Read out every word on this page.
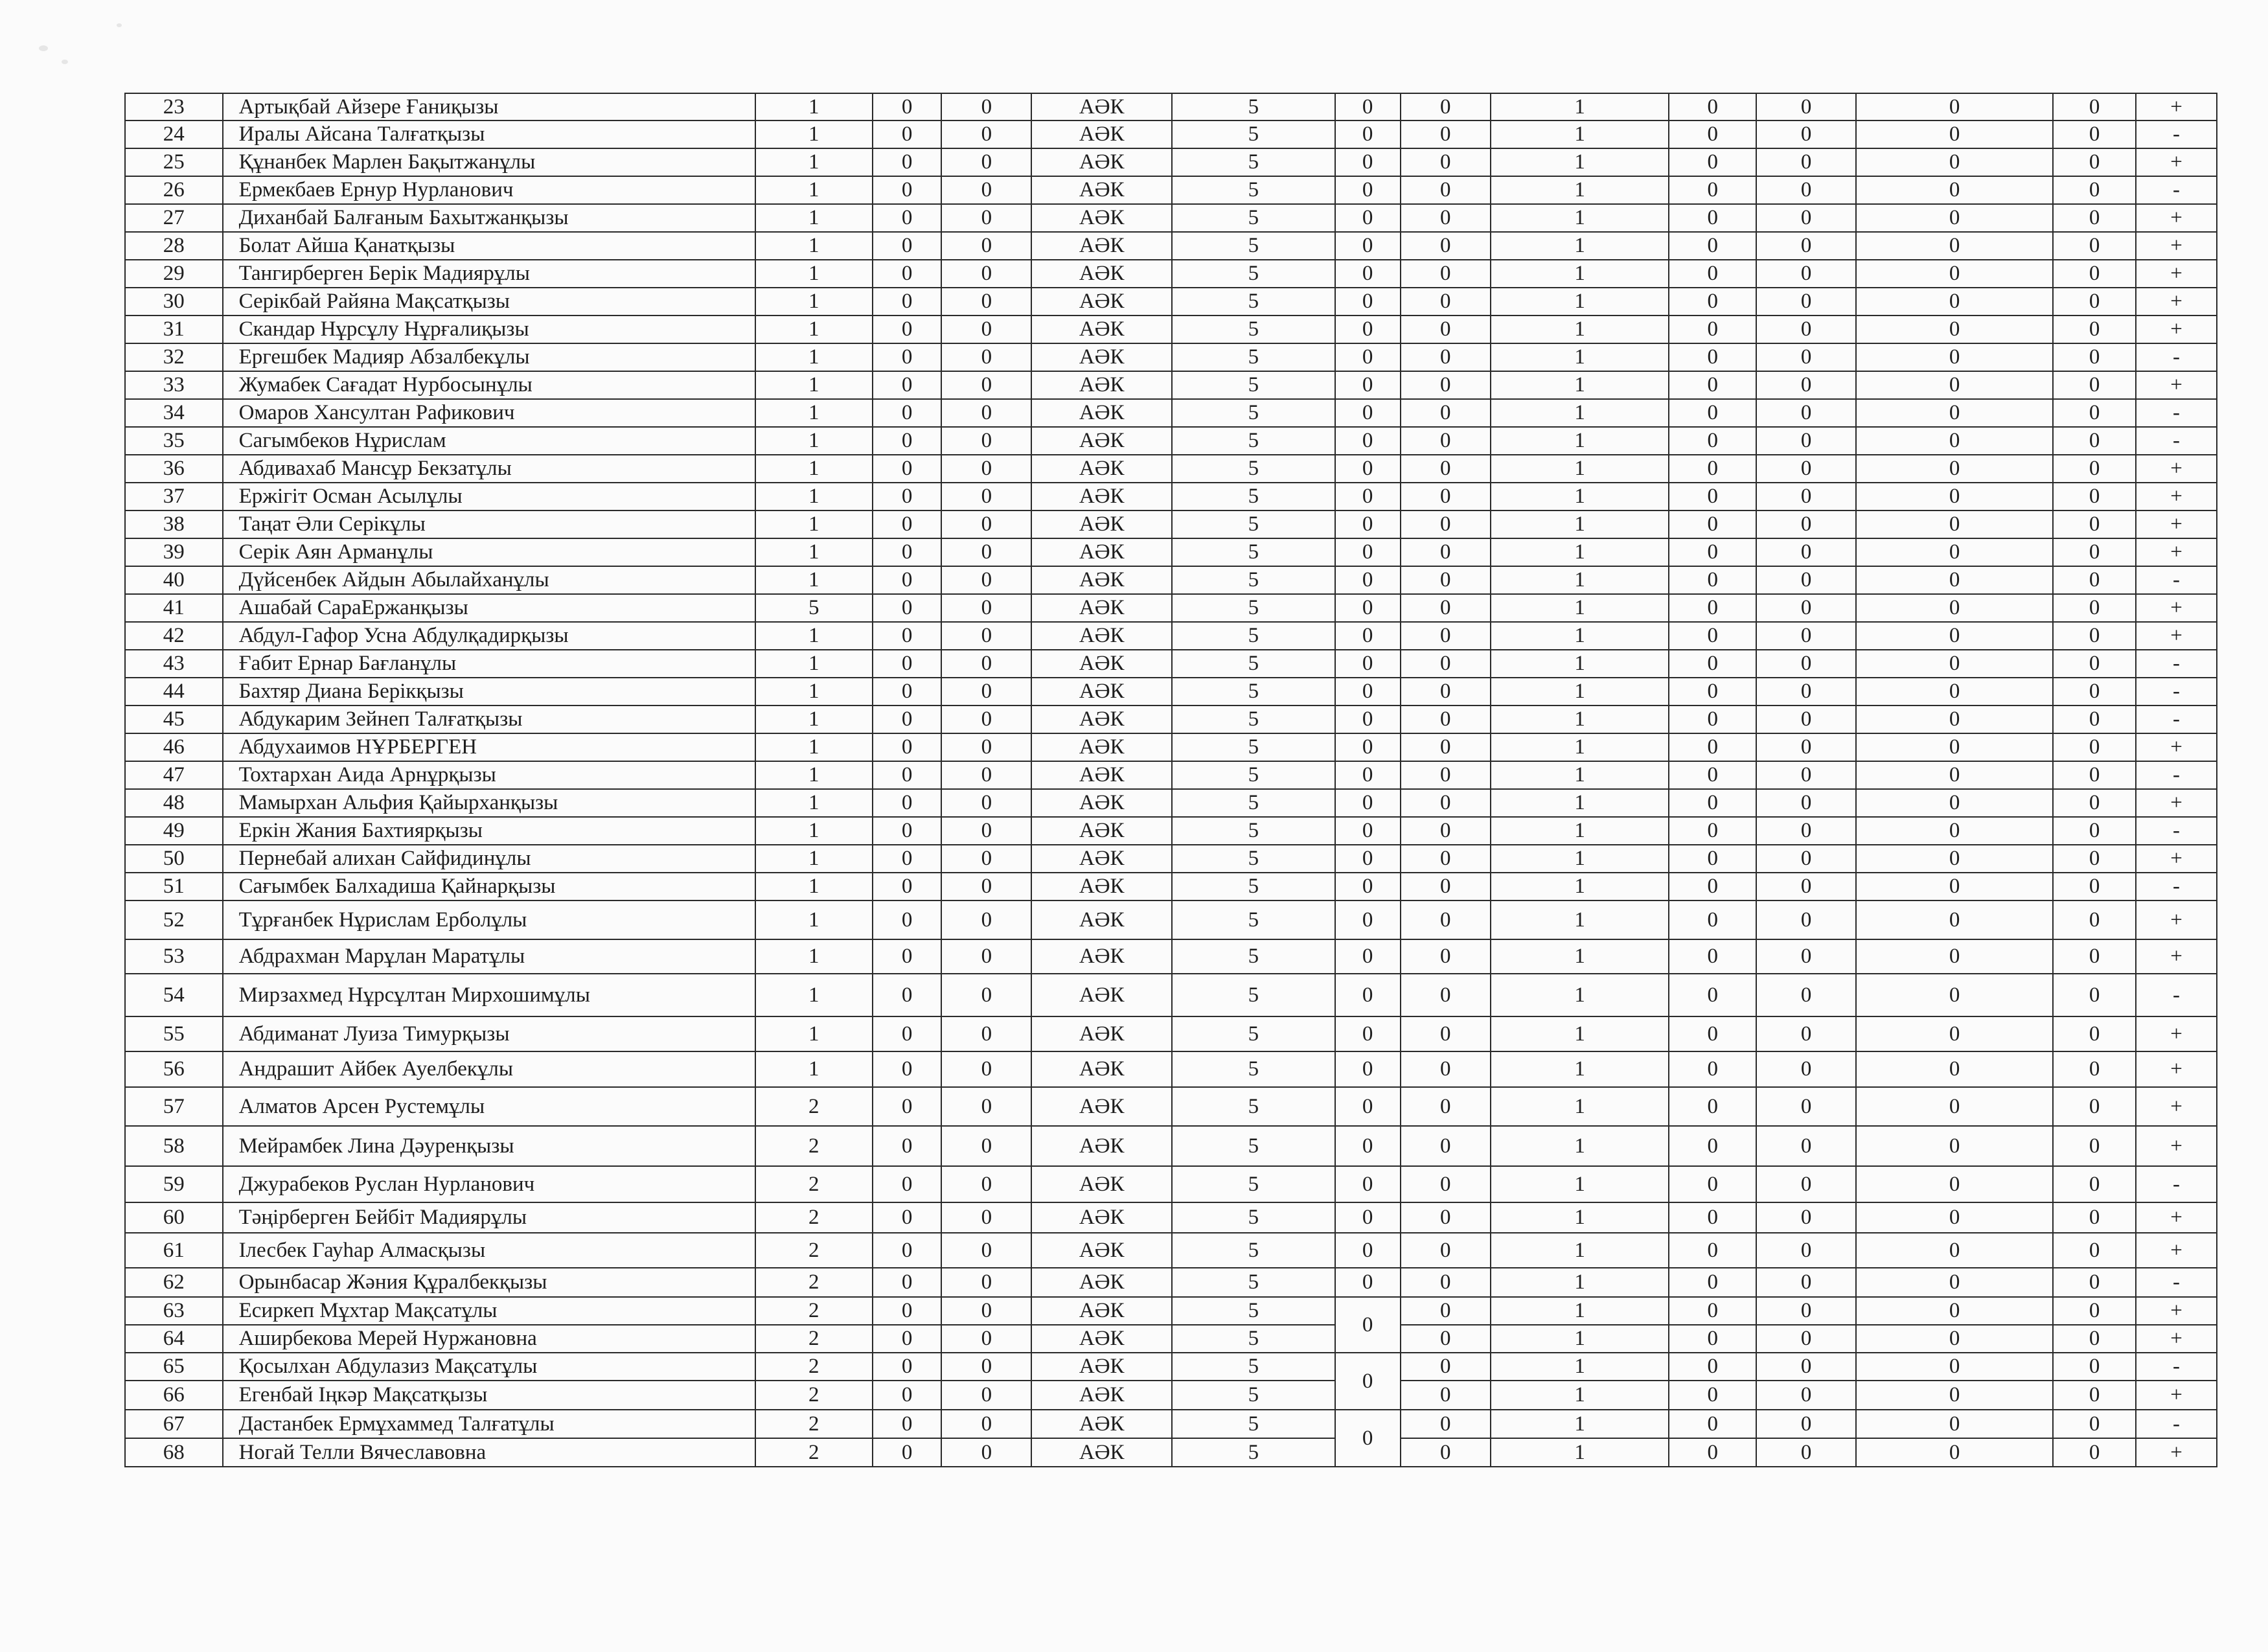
23	Артықбай Айзере Ғаниқызы	1	0	0	АӘК	5	0	0	1	0	0	0	0	+
24	Иралы Айсана Талғатқызы	1	0	0	АӘК	5	0	0	1	0	0	0	0	-
25	Құнанбек Марлен Бақытжанұлы	1	0	0	АӘК	5	0	0	1	0	0	0	0	+
26	Ермекбаев Ернур Нурланович	1	0	0	АӘК	5	0	0	1	0	0	0	0	-
27	Диханбай Балғаным Бахытжанқызы	1	0	0	АӘК	5	0	0	1	0	0	0	0	+
28	Болат Айша Қанатқызы	1	0	0	АӘК	5	0	0	1	0	0	0	0	+
29	Тангирберген Берік Мадиярұлы	1	0	0	АӘК	5	0	0	1	0	0	0	0	+
30	Серікбай Райяна Мақсатқызы	1	0	0	АӘК	5	0	0	1	0	0	0	0	+
31	Скандар Нұрсұлу Нұрғалиқызы	1	0	0	АӘК	5	0	0	1	0	0	0	0	+
32	Ергешбек Мадияр Абзалбекұлы	1	0	0	АӘК	5	0	0	1	0	0	0	0	-
33	Жумабек Сағадат Нурбосынұлы	1	0	0	АӘК	5	0	0	1	0	0	0	0	+
34	Омаров Хансултан Рафикович	1	0	0	АӘК	5	0	0	1	0	0	0	0	-
35	Сагымбеков Нұрислам	1	0	0	АӘК	5	0	0	1	0	0	0	0	-
36	Абдивахаб Мансұр Бекзатұлы	1	0	0	АӘК	5	0	0	1	0	0	0	0	+
37	Ержігіт Осман Асылұлы	1	0	0	АӘК	5	0	0	1	0	0	0	0	+
38	Таңат Әли Серікұлы	1	0	0	АӘК	5	0	0	1	0	0	0	0	+
39	Серік Аян Арманұлы	1	0	0	АӘК	5	0	0	1	0	0	0	0	+
40	Дүйсенбек Айдын Абылайханұлы	1	0	0	АӘК	5	0	0	1	0	0	0	0	-
41	Ашабай СараЕржанқызы	5	0	0	АӘК	5	0	0	1	0	0	0	0	+
42	Абдул-Гафор Усна Абдулқадирқызы	1	0	0	АӘК	5	0	0	1	0	0	0	0	+
43	Ғабит Ернар Бағланұлы	1	0	0	АӘК	5	0	0	1	0	0	0	0	-
44	Бахтяр Диана Берікқызы	1	0	0	АӘК	5	0	0	1	0	0	0	0	-
45	Абдукарим Зейнеп Талғатқызы	1	0	0	АӘК	5	0	0	1	0	0	0	0	-
46	Абдухаимов НҰРБЕРГЕН	1	0	0	АӘК	5	0	0	1	0	0	0	0	+
47	Тохтархан Аида Арнұрқызы	1	0	0	АӘК	5	0	0	1	0	0	0	0	-
48	Мамырхан Альфия Қайырханқызы	1	0	0	АӘК	5	0	0	1	0	0	0	0	+
49	Еркін Жания Бахтиярқызы	1	0	0	АӘК	5	0	0	1	0	0	0	0	-
50	Пернебай алихан Сайфидинұлы	1	0	0	АӘК	5	0	0	1	0	0	0	0	+
51	Сағымбек Балхадиша Қайнарқызы	1	0	0	АӘК	5	0	0	1	0	0	0	0	-
52	Тұрғанбек Нұрислам Ерболұлы	1	0	0	АӘК	5	0	0	1	0	0	0	0	+
53	Абдрахман Марұлан Маратұлы	1	0	0	АӘК	5	0	0	1	0	0	0	0	+
54	Мирзахмед Нұрсұлтан Мирхошимұлы	1	0	0	АӘК	5	0	0	1	0	0	0	0	-
55	Абдиманат Луиза Тимурқызы	1	0	0	АӘК	5	0	0	1	0	0	0	0	+
56	Андрашит Айбек Ауелбекұлы	1	0	0	АӘК	5	0	0	1	0	0	0	0	+
57	Алматов Арсен Рустемұлы	2	0	0	АӘК	5	0	0	1	0	0	0	0	+
58	Мейрамбек Лина Дәуренқызы	2	0	0	АӘК	5	0	0	1	0	0	0	0	+
59	Джурабеков Руслан Нурланович	2	0	0	АӘК	5	0	0	1	0	0	0	0	-
60	Тәңірберген Бейбіт Мадиярұлы	2	0	0	АӘК	5	0	0	1	0	0	0	0	+
61	Ілесбек Гауһар Алмасқызы	2	0	0	АӘК	5	0	0	1	0	0	0	0	+
62	Орынбасар Жәния Құралбекқызы	2	0	0	АӘК	5	0	0	1	0	0	0	0	-
63	Есиркеп Мұхтар Мақсатұлы	2	0	0	АӘК	5	0	0	1	0	0	0	0	+
64	Аширбекова Мерей Нуржановна	2	0	0	АӘК	5		0	1	0	0	0	0	+
65	Қосылхан Абдулазиз Мақсатұлы	2	0	0	АӘК	5	0	0	1	0	0	0	0	-
66	Егенбай Іңкәр Мақсатқызы	2	0	0	АӘК	5		0	1	0	0	0	0	+
67	Дастанбек Ермұхаммед Талғатұлы	2	0	0	АӘК	5	0	0	1	0	0	0	0	-
68	Ногай Телли Вячеславовна	2	0	0	АӘК	5		0	1	0	0	0	0	+
